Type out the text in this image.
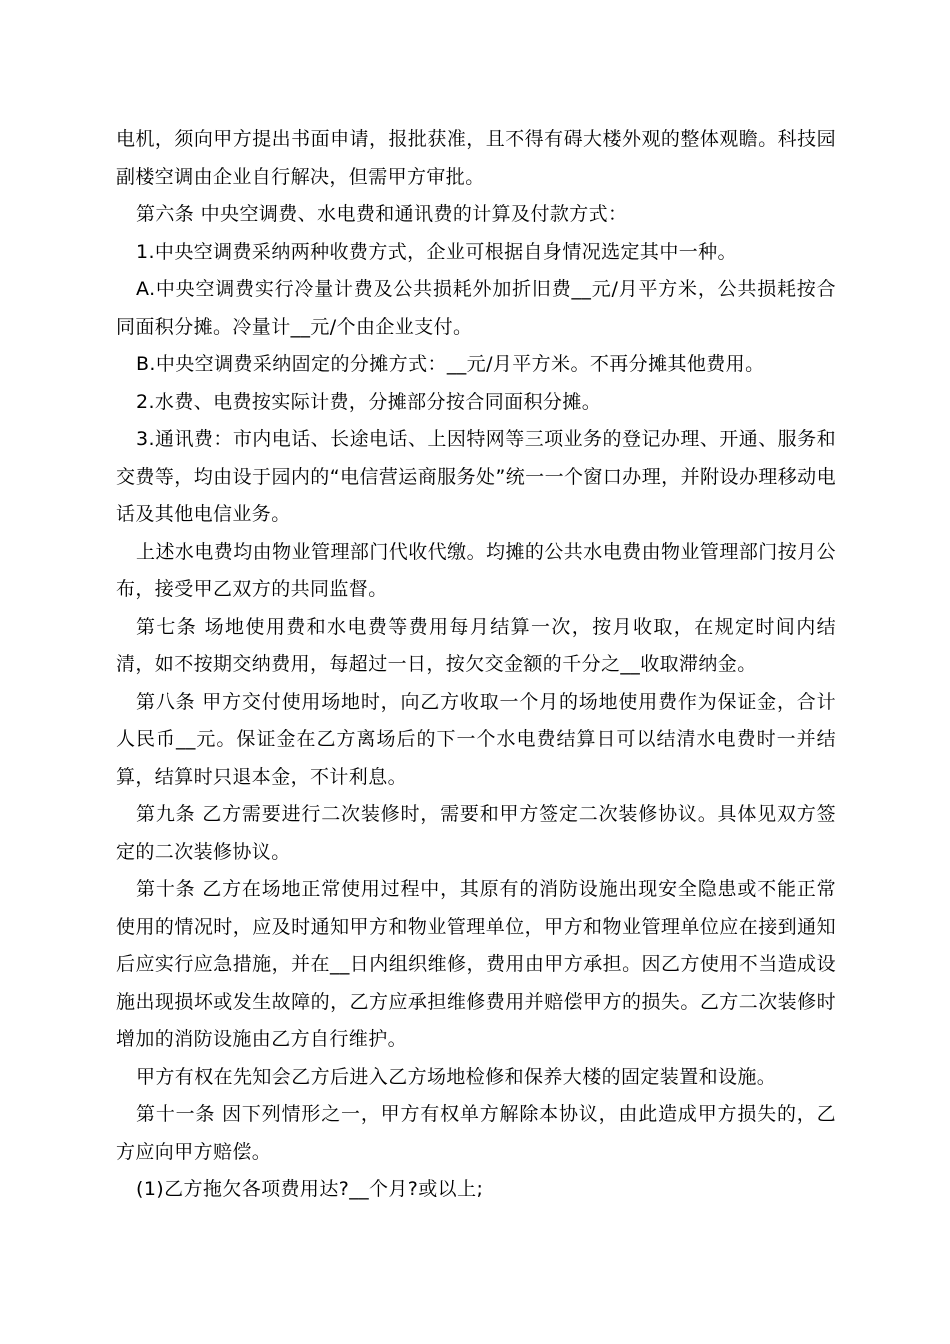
电机，须向甲方提出书面申请，报批获准，且不得有碍大楼外观的整体观瞻。科技园副楼空调由企业自行解决，但需甲方审批。

第六条 中央空调费、水电费和通讯费的计算及付款方式：

1.中央空调费采纳两种收费方式，企业可根据自身情况选定其中一种。

A.中央空调费实行冷量计费及公共损耗外加折旧费__元/月平方米，公共损耗按合同面积分摊。冷量计__元/个由企业支付。

B.中央空调费采纳固定的分摊方式：__元/月平方米。不再分摊其他费用。

2.水费、电费按实际计费，分摊部分按合同面积分摊。

3.通讯费：市内电话、长途电话、上因特网等三项业务的登记办理、开通、服务和交费等，均由设于园内的“电信营运商服务处”统一一个窗口办理，并附设办理移动电话及其他电信业务。

上述水电费均由物业管理部门代收代缴。均摊的公共水电费由物业管理部门按月公布，接受甲乙双方的共同监督。

第七条 场地使用费和水电费等费用每月结算一次，按月收取，在规定时间内结清，如不按期交纳费用，每超过一日，按欠交金额的千分之__收取滞纳金。

第八条 甲方交付使用场地时，向乙方收取一个月的场地使用费作为保证金，合计人民币__元。保证金在乙方离场后的下一个水电费结算日可以结清水电费时一并结算，结算时只退本金，不计利息。

第九条 乙方需要进行二次装修时，需要和甲方签定二次装修协议。具体见双方签定的二次装修协议。

第十条 乙方在场地正常使用过程中，其原有的消防设施出现安全隐患或不能正常使用的情况时，应及时通知甲方和物业管理单位，甲方和物业管理单位应在接到通知后应实行应急措施，并在__日内组织维修，费用由甲方承担。因乙方使用不当造成设施出现损坏或发生故障的，乙方应承担维修费用并赔偿甲方的损失。乙方二次装修时增加的消防设施由乙方自行维护。

甲方有权在先知会乙方后进入乙方场地检修和保养大楼的固定装置和设施。

第十一条 因下列情形之一，甲方有权单方解除本协议，由此造成甲方损失的，乙方应向甲方赔偿。

(1)乙方拖欠各项费用达?__个月?或以上;
